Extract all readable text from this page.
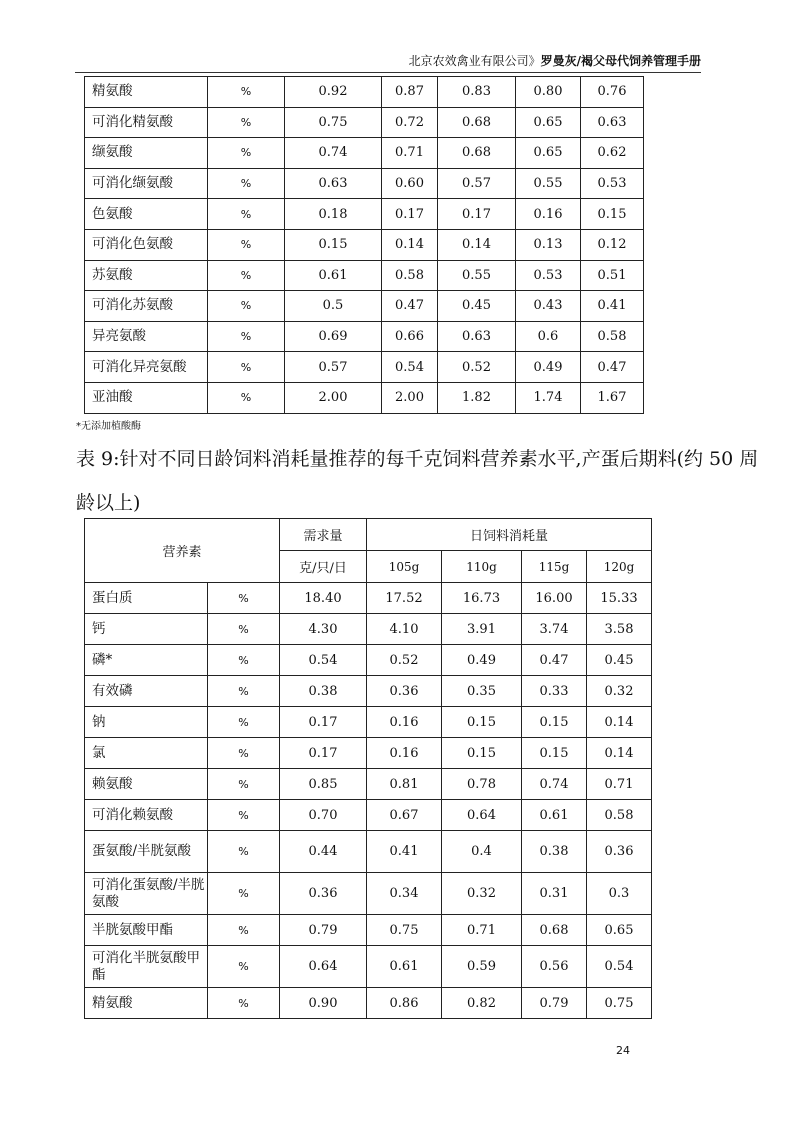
北京农效禽业有限公司》罗曼灰/褐父母代饲养管理手册
精氨酸	%	0.92	0.87	0.83	0.80	0.76
可消化精氨酸	%	0.75	0.72	0.68	0.65	0.63
缬氨酸	%	0.74	0.71	0.68	0.65	0.62
可消化缬氨酸	%	0.63	0.60	0.57	0.55	0.53
色氨酸	%	0.18	0.17	0.17	0.16	0.15
可消化色氨酸	%	0.15	0.14	0.14	0.13	0.12
苏氨酸	%	0.61	0.58	0.55	0.53	0.51
可消化苏氨酸	%	0.5	0.47	0.45	0.43	0.41
异亮氨酸	%	0.69	0.66	0.63	0.6	0.58
可消化异亮氨酸	%	0.57	0.54	0.52	0.49	0.47
亚油酸	%	2.00	2.00	1.82	1.74	1.67
*无添加植酸酶
表 9:针对不同日龄饲料消耗量推荐的每千克饲料营养素水平,产蛋后期料(约 50 周龄以上)
营养素		需求量	日饲料消耗量			
		克/只/日	105g	110g	115g	120g
蛋白质	%	18.40	17.52	16.73	16.00	15.33
钙	%	4.30	4.10	3.91	3.74	3.58
磷*	%	0.54	0.52	0.49	0.47	0.45
有效磷	%	0.38	0.36	0.35	0.33	0.32
钠	%	0.17	0.16	0.15	0.15	0.14
氯	%	0.17	0.16	0.15	0.15	0.14
赖氨酸	%	0.85	0.81	0.78	0.74	0.71
可消化赖氨酸	%	0.70	0.67	0.64	0.61	0.58
蛋氨酸/半胱氨酸	%	0.44	0.41	0.4	0.38	0.36
可消化蛋氨酸/半胱氨酸	%	0.36	0.34	0.32	0.31	0.3
半胱氨酸甲酯	%	0.79	0.75	0.71	0.68	0.65
可消化半胱氨酸甲酯	%	0.64	0.61	0.59	0.56	0.54
精氨酸	%	0.90	0.86	0.82	0.79	0.75
24
